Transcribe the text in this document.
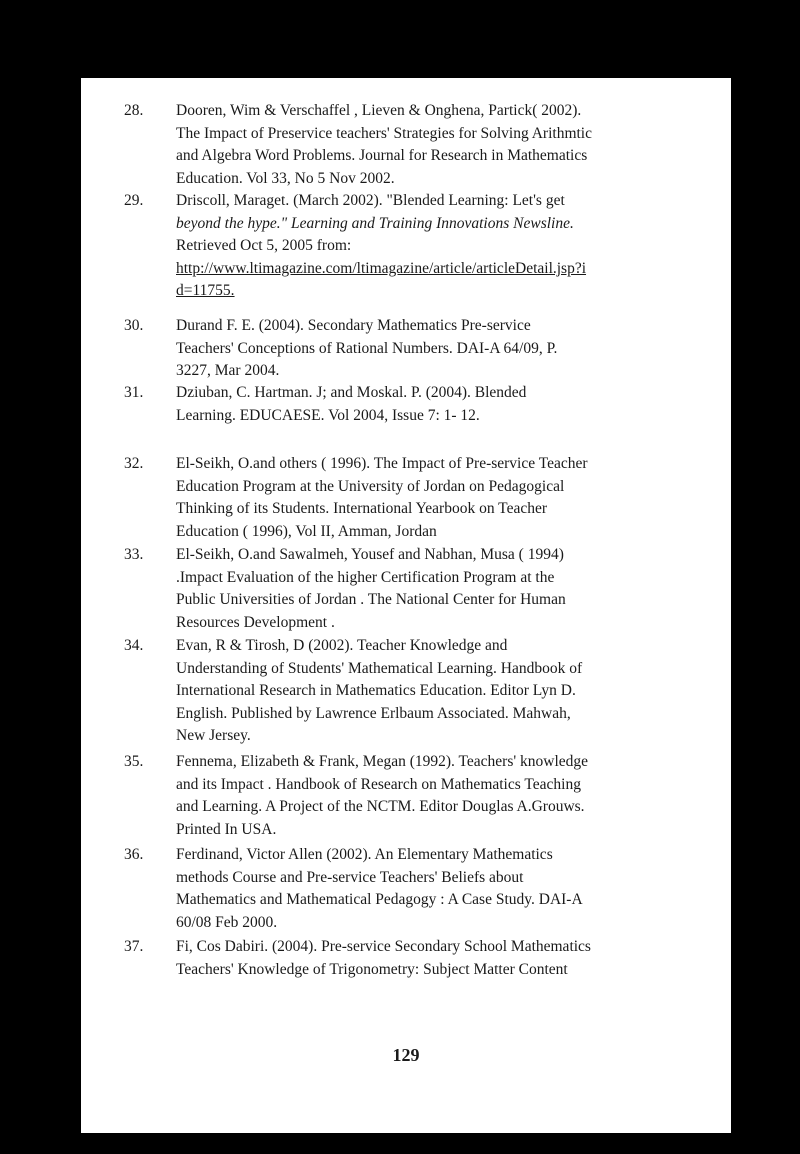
28. Dooren, Wim & Verschaffel , Lieven & Onghena, Partick( 2002).
The Impact of Preservice teachers' Strategies for Solving Arithmtic
and Algebra Word Problems. Journal for Research in Mathematics
Education. Vol 33, No 5 Nov 2002.
29. Driscoll, Maraget. (March 2002). "Blended Learning: Let's get
beyond the hype." Learning and Training Innovations Newsline.
Retrieved Oct 5, 2005 from:
http://www.ltimagazine.com/ltimagazine/article/articleDetail.jsp?i
d=11755.
30. Durand F. E. (2004). Secondary Mathematics Pre-service
Teachers' Conceptions of Rational Numbers. DAI-A 64/09, P.
3227, Mar 2004.
31. Dziuban, C. Hartman. J; and Moskal. P. (2004). Blended
Learning. EDUCAESE. Vol 2004, Issue 7: 1- 12.
32. El-Seikh, O.and others ( 1996). The Impact of Pre-service Teacher
Education Program at the University of Jordan on Pedagogical
Thinking of its Students. International Yearbook on Teacher
Education ( 1996), Vol II, Amman, Jordan
33. El-Seikh, O.and Sawalmeh, Yousef and Nabhan, Musa ( 1994)
.Impact Evaluation of the higher Certification Program at the
Public Universities of Jordan . The National Center for Human
Resources Development .
34. Evan, R & Tirosh, D (2002). Teacher Knowledge and
Understanding of Students' Mathematical Learning. Handbook of
International Research in Mathematics Education. Editor Lyn D.
English. Published by Lawrence Erlbaum Associated. Mahwah,
New Jersey.
35. Fennema, Elizabeth & Frank, Megan (1992). Teachers' knowledge
and its Impact . Handbook of Research on Mathematics Teaching
and Learning. A Project of the NCTM. Editor Douglas A.Grouws.
Printed In USA.
36. Ferdinand, Victor Allen (2002). An Elementary Mathematics
methods Course and Pre-service Teachers' Beliefs about
Mathematics and Mathematical Pedagogy : A Case Study. DAI-A
60/08 Feb 2000.
37. Fi, Cos Dabiri. (2004). Pre-service Secondary School Mathematics
Teachers' Knowledge of Trigonometry: Subject Matter Content
129
